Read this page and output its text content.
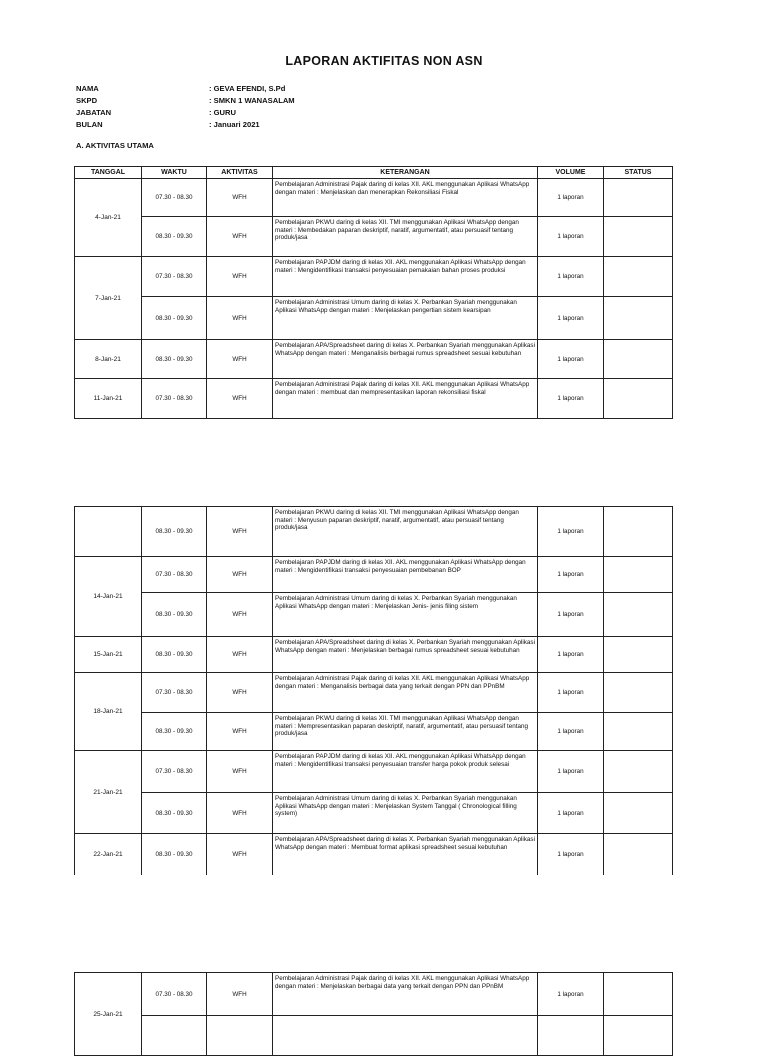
LAPORAN AKTIFITAS NON ASN
NAMA	: GEVA EFENDI, S.Pd
SKPD	: SMKN 1 WANASALAM
JABATAN	: GURU
BULAN	: Januari 2021
A. AKTIVITAS UTAMA
TANGGAL	WAKTU	AKTIVITAS	KETERANGAN	VOLUME	STATUS
4-Jan-21	07.30 - 08.30	WFH	Pembelajaran Administrasi Pajak daring di kelas XII. AKL menggunakan Aplikasi WhatsApp dengan materi : Menjelaskan dan menerapkan Rekonsiliasi Fiskal	1 laporan	
	08.30 - 09.30	WFH	Pembelajaran PKWU daring di kelas XII. TMI menggunakan Aplikasi WhatsApp dengan materi : Membedakan paparan deskriptif, naratif, argumentatif, atau persuasif tentang produk/jasa	1 laporan	
7-Jan-21	07.30 - 08.30	WFH	Pembelajaran PAPJDM daring di kelas XII. AKL menggunakan Aplikasi WhatsApp dengan materi : Mengidentifikasi transaksi penyesuaian pemakaian bahan proses produksi	1 laporan	
	08.30 - 09.30	WFH	Pembelajaran Administrasi Umum daring di kelas X. Perbankan Syariah menggunakan Aplikasi WhatsApp dengan materi : Menjelaskan pengertian sistem kearsipan	1 laporan	
8-Jan-21	08.30 - 09.30	WFH	Pembelajaran APA/Spreadsheet daring di kelas X. Perbankan Syariah menggunakan Aplikasi WhatsApp dengan materi : Menganalisis berbagai rumus spreadsheet sesuai kebutuhan	1 laporan	
11-Jan-21	07.30 - 08.30	WFH	Pembelajaran Administrasi Pajak daring di kelas XII. AKL menggunakan Aplikasi WhatsApp dengan materi : membuat dan mempresentasikan laporan rekonsiliasi fiskal	1 laporan	
	08.30 - 09.30	WFH	Pembelajaran PKWU daring di kelas XII. TMI menggunakan Aplikasi WhatsApp dengan materi : Menyusun paparan deskriptif, naratif, argumentatif, atau persuasif tentang produk/jasa	1 laporan	
14-Jan-21	07.30 - 08.30	WFH	Pembelajaran PAPJDM daring di kelas XII. AKL menggunakan Aplikasi WhatsApp dengan materi : Mengidentifikasi transaksi penyesuaian pembebanan BOP	1 laporan	
	08.30 - 09.30	WFH	Pembelajaran Administrasi Umum daring di kelas X. Perbankan Syariah menggunakan Aplikasi WhatsApp dengan materi : Menjelaskan Jenis- jenis filing sistem	1 laporan	
15-Jan-21	08.30 - 09.30	WFH	Pembelajaran APA/Spreadsheet daring di kelas X. Perbankan Syariah menggunakan Aplikasi WhatsApp dengan materi : Menjelaskan berbagai rumus spreadsheet sesuai kebutuhan	1 laporan	
18-Jan-21	07.30 - 08.30	WFH	Pembelajaran Administrasi Pajak daring di kelas XII. AKL menggunakan Aplikasi WhatsApp dengan materi : Menganalisis berbagai data yang terkait dengan PPN dan PPnBM	1 laporan	
	08.30 - 09.30	WFH	Pembelajaran PKWU daring di kelas XII. TMI menggunakan Aplikasi WhatsApp dengan materi : Mempresentasikan paparan deskriptif, naratif, argumentatif, atau persuasif tentang produk/jasa	1 laporan	
21-Jan-21	07.30 - 08.30	WFH	Pembelajaran PAPJDM daring di kelas XII. AKL menggunakan Aplikasi WhatsApp dengan materi : Mengidentifikasi transaksi penyesuaian transfer harga pokok produk selesai	1 laporan	
	08.30 - 09.30	WFH	Pembelajaran Administrasi Umum daring di kelas X. Perbankan Syariah menggunakan Aplikasi WhatsApp dengan materi : Menjelaskan System Tanggal ( Chronological filling system)	1 laporan	
22-Jan-21	08.30 - 09.30	WFH	Pembelajaran APA/Spreadsheet daring di kelas X. Perbankan Syariah menggunakan Aplikasi WhatsApp dengan materi : Membuat format aplikasi spreadsheet sesuai kebutuhan	1 laporan	
25-Jan-21	07.30 - 08.30	WFH	Pembelajaran Administrasi Pajak daring di kelas XII. AKL menggunakan Aplikasi WhatsApp dengan materi : Menjelaskan berbagai data yang terkait dengan PPN dan PPnBM	1 laporan	
